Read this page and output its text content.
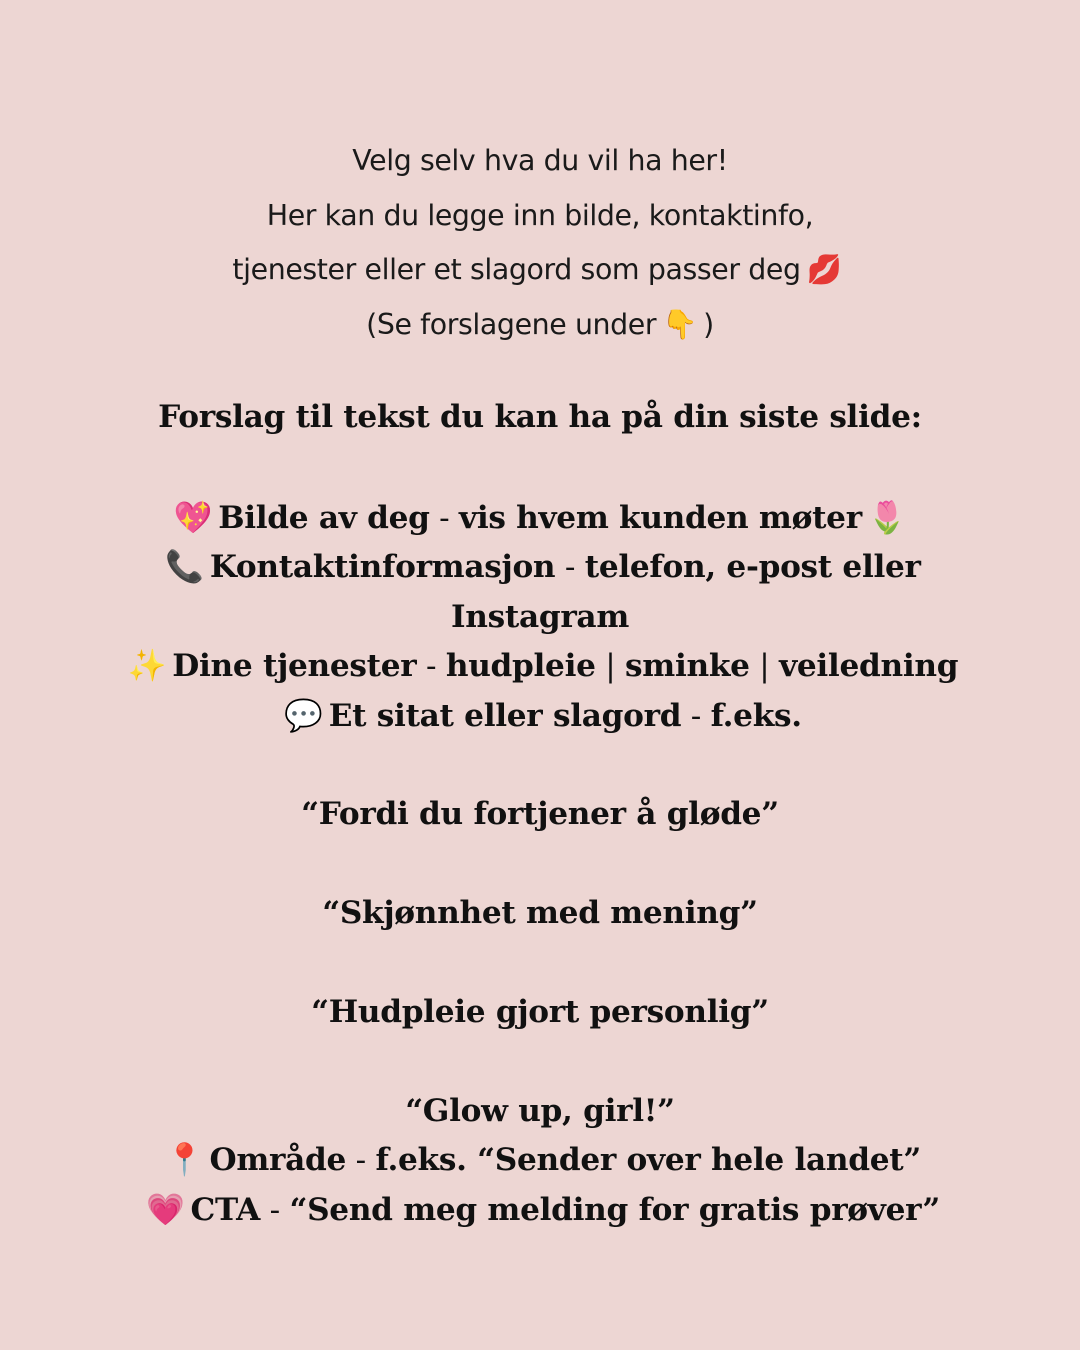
Velg selv hva du vil ha her!
Her kan du legge inn bilde, kontaktinfo,
tjenester eller et slagord som passer deg 💋
(Se forslagene under 👇 )
Forslag til tekst du kan ha på din siste slide:
💖 Bilde av deg - vis hvem kunden møter 🌷
📞 Kontaktinformasjon - telefon, e-post eller
Instagram
✨ Dine tjenester - hudpleie | sminke | veiledning
💬 Et sitat eller slagord - f.eks.
“Fordi du fortjener å gløde”
“Skjønnhet med mening”
“Hudpleie gjort personlig”
“Glow up, girl!”
📍 Område - f.eks. “Sender over hele landet”
💗 CTA - “Send meg melding for gratis prøver”
